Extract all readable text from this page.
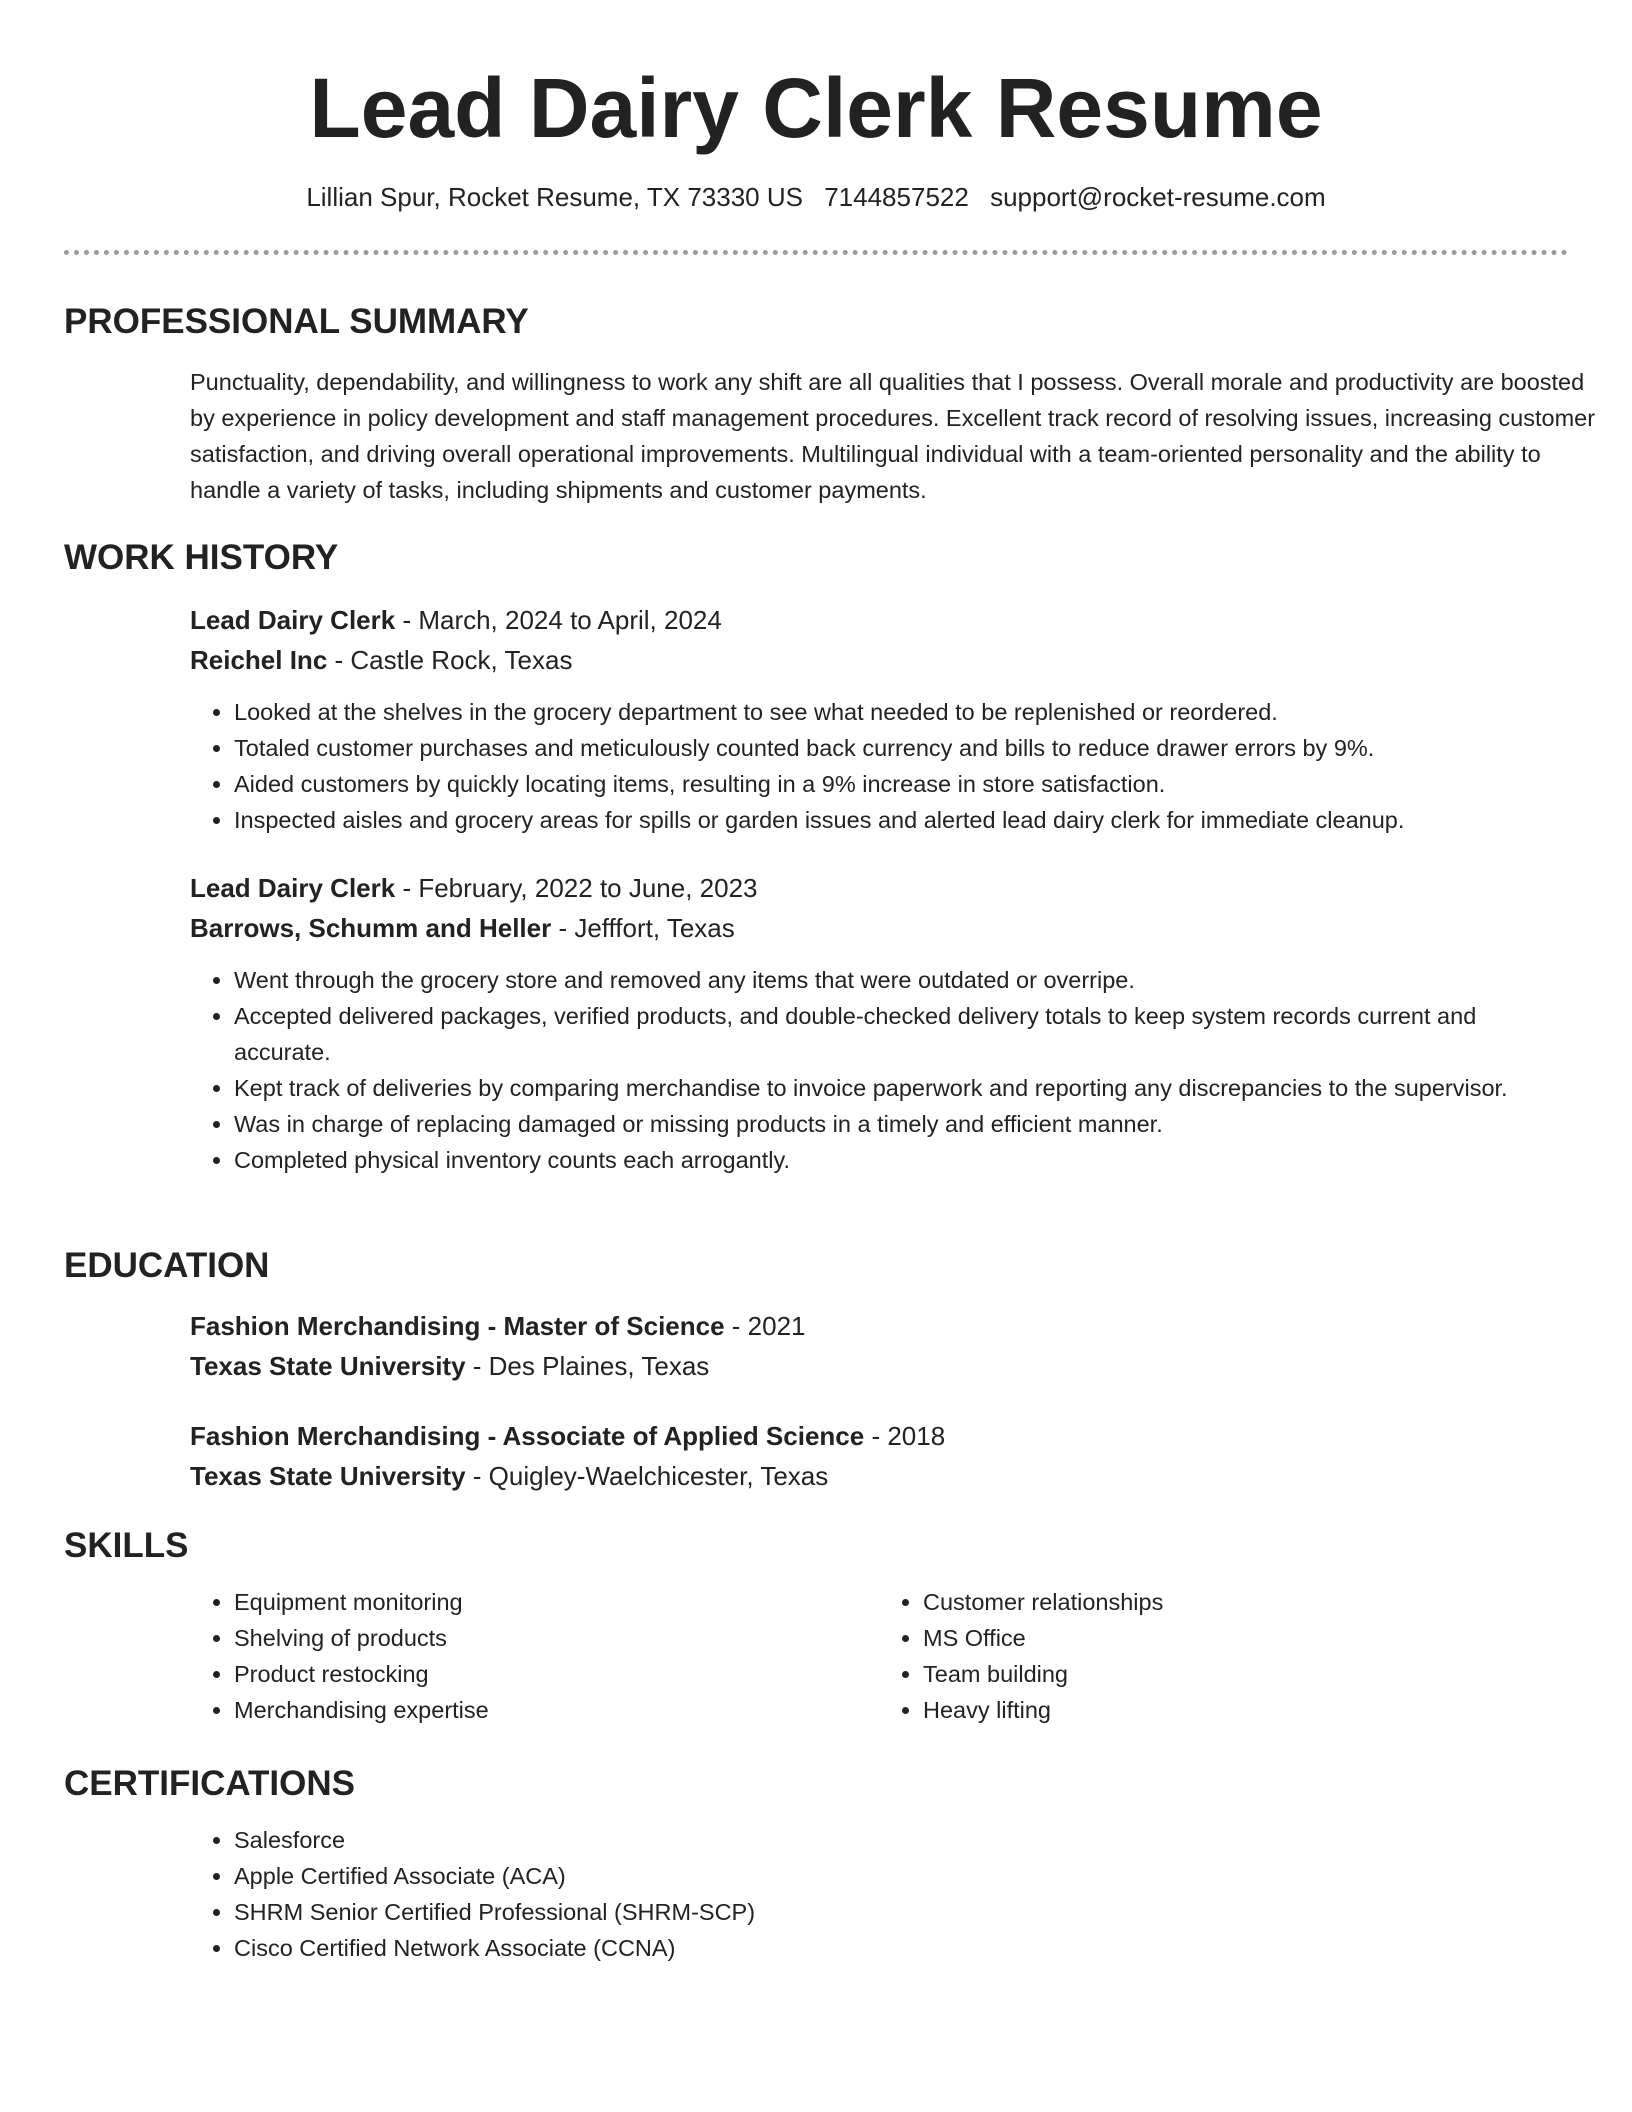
Lead Dairy Clerk Resume
Lillian Spur, Rocket Resume, TX 73330 US 7144857522 support@rocket-resume.com
PROFESSIONAL SUMMARY
Punctuality, dependability, and willingness to work any shift are all qualities that I possess. Overall morale and productivity are boosted by experience in policy development and staff management procedures. Excellent track record of resolving issues, increasing customer satisfaction, and driving overall operational improvements. Multilingual individual with a team-oriented personality and the ability to handle a variety of tasks, including shipments and customer payments.
WORK HISTORY
Lead Dairy Clerk - March, 2024 to April, 2024
Reichel Inc - Castle Rock, Texas
• Looked at the shelves in the grocery department to see what needed to be replenished or reordered.
• Totaled customer purchases and meticulously counted back currency and bills to reduce drawer errors by 9%.
• Aided customers by quickly locating items, resulting in a 9% increase in store satisfaction.
• Inspected aisles and grocery areas for spills or garden issues and alerted lead dairy clerk for immediate cleanup.
Lead Dairy Clerk - February, 2022 to June, 2023
Barrows, Schumm and Heller - Jefffort, Texas
• Went through the grocery store and removed any items that were outdated or overripe.
• Accepted delivered packages, verified products, and double-checked delivery totals to keep system records current and accurate.
• Kept track of deliveries by comparing merchandise to invoice paperwork and reporting any discrepancies to the supervisor.
• Was in charge of replacing damaged or missing products in a timely and efficient manner.
• Completed physical inventory counts each arrogantly.
EDUCATION
Fashion Merchandising - Master of Science - 2021
Texas State University - Des Plaines, Texas
Fashion Merchandising - Associate of Applied Science - 2018
Texas State University - Quigley-Waelchicester, Texas
SKILLS
• Equipment monitoring
• Shelving of products
• Product restocking
• Merchandising expertise
• Customer relationships
• MS Office
• Team building
• Heavy lifting
CERTIFICATIONS
• Salesforce
• Apple Certified Associate (ACA)
• SHRM Senior Certified Professional (SHRM-SCP)
• Cisco Certified Network Associate (CCNA)
